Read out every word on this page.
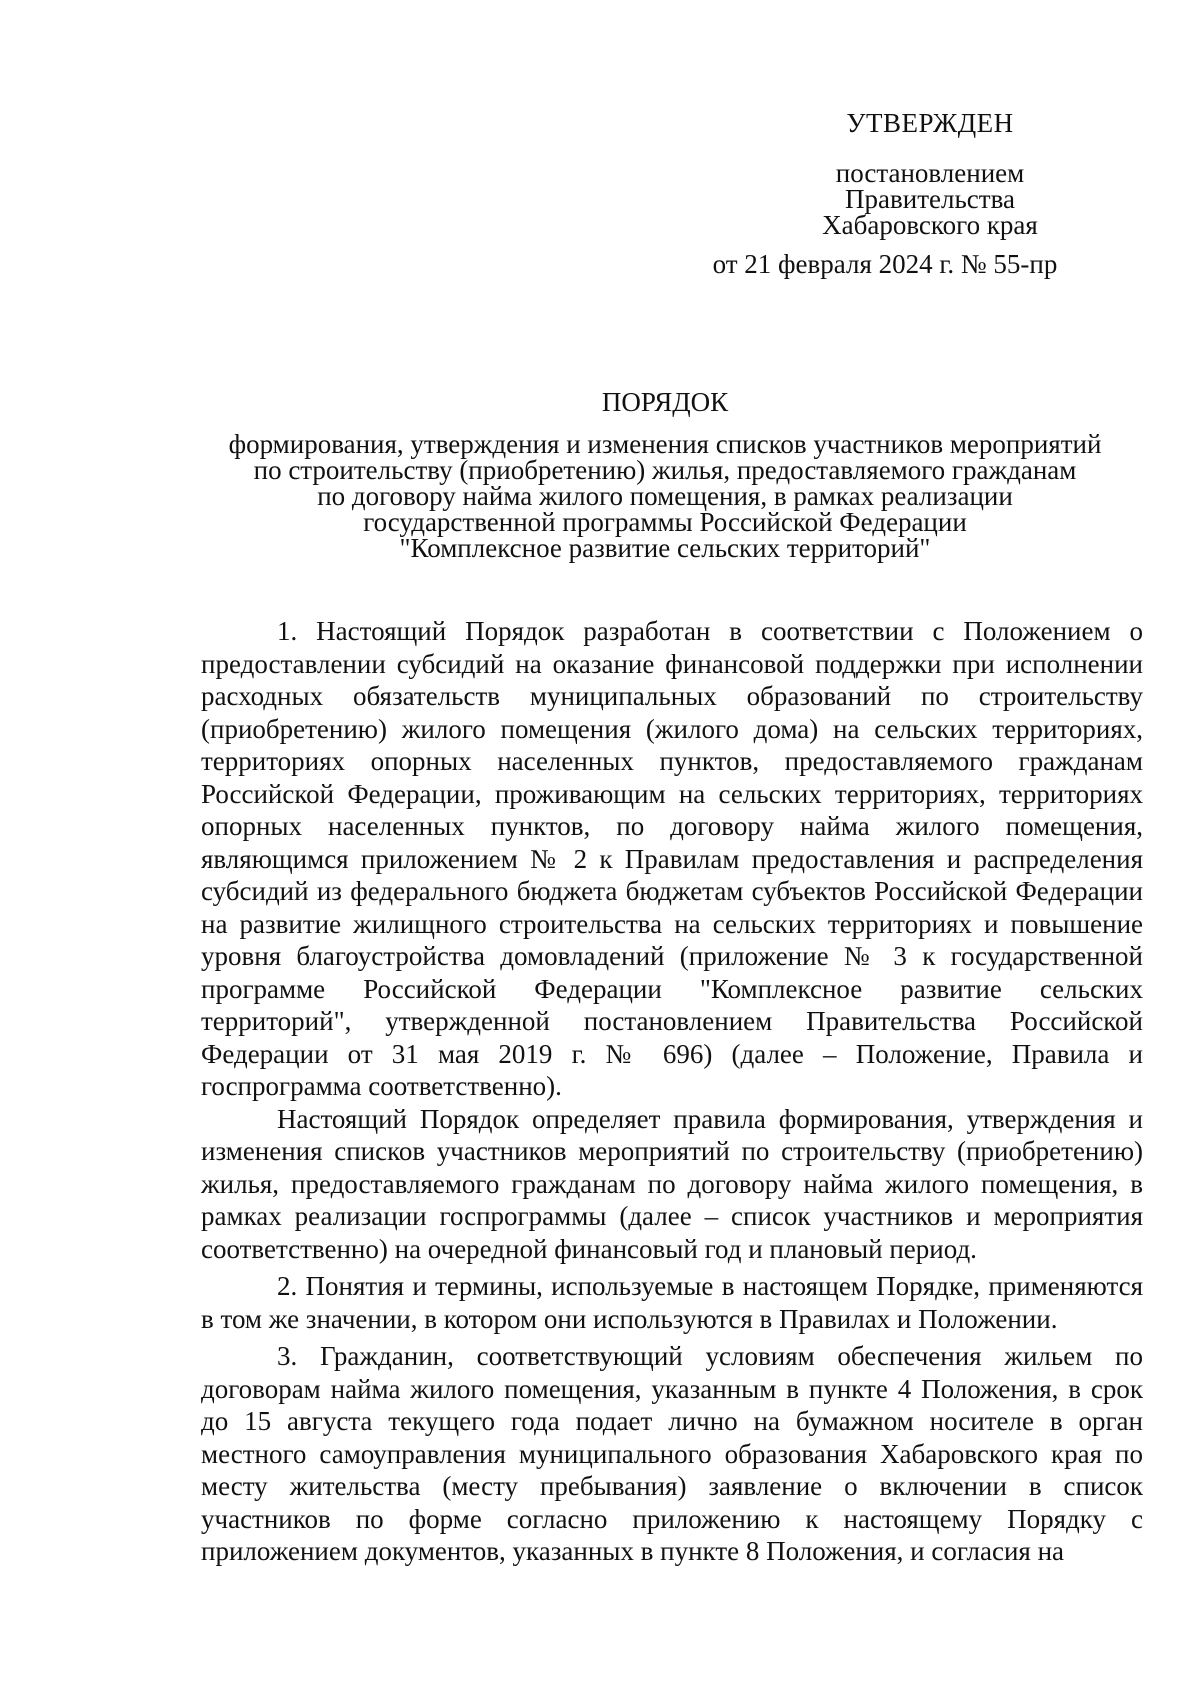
УТВЕРЖДЕН
постановлением
Правительства
Хабаровского края
от 21 февраля 2024 г. № 55-пр
ПОРЯДОК
формирования, утверждения и изменения списков участников мероприятий
по строительству (приобретению) жилья, предоставляемого гражданам
по договору найма жилого помещения, в рамках реализации
государственной программы Российской Федерации
"Комплексное развитие сельских территорий"

1. Настоящий Порядок разработан в соответствии с Положением о предоставлении субсидий на оказание финансовой поддержки при исполнении расходных обязательств муниципальных образований по строительству (приобретению) жилого помещения (жилого дома) на сельских территориях, территориях опорных населенных пунктов, предоставляемого гражданам Российской Федерации, проживающим на сельских территориях, территориях опорных населенных пунктов, по договору найма жилого помещения, являющимся приложением № 2 к Правилам предоставления и распределения субсидий из федерального бюджета бюджетам субъектов Российской Федерации на развитие жилищного строительства на сельских территориях и повышение уровня благоустройства домовладений (приложение № 3 к государственной программе Российской Федерации "Комплексное развитие сельских территорий", утвержденной постановлением Правительства Российской Федерации от 31 мая 2019 г. № 696) (далее – Положение, Правила и госпрограмма соответственно).

Настоящий Порядок определяет правила формирования, утверждения и изменения списков участников мероприятий по строительству (приобретению) жилья, предоставляемого гражданам по договору найма жилого помещения, в рамках реализации госпрограммы (далее – список участников и мероприятия соответственно) на очередной финансовый год и плановый период.

2. Понятия и термины, используемые в настоящем Порядке, применяются в том же значении, в котором они используются в Правилах и Положении.

3. Гражданин, соответствующий условиям обеспечения жильем по договорам найма жилого помещения, указанным в пункте 4 Положения, в срок до 15 августа текущего года подает лично на бумажном носителе в орган местного самоуправления муниципального образования Хабаровского края по месту жительства (месту пребывания) заявление о включении в список участников по форме согласно приложению к настоящему Порядку с приложением документов, указанных в пункте 8 Положения, и согласия на
